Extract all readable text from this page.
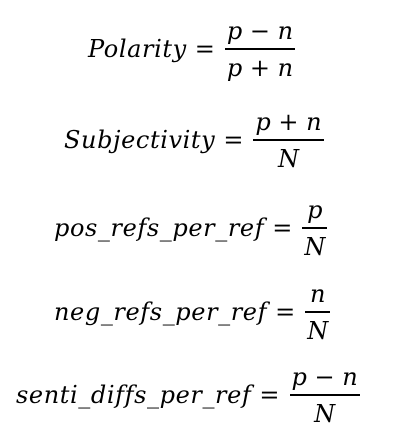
Polarity = $\frac{p - n}{p + n}$
Subjectivity = $\frac{p + n}{N}$
pos_refs_per_ref = $\frac{p}{N}$
neg_refs_per_ref = $\frac{n}{N}$
senti_diffs_per_ref = $\frac{p - n}{N}$
